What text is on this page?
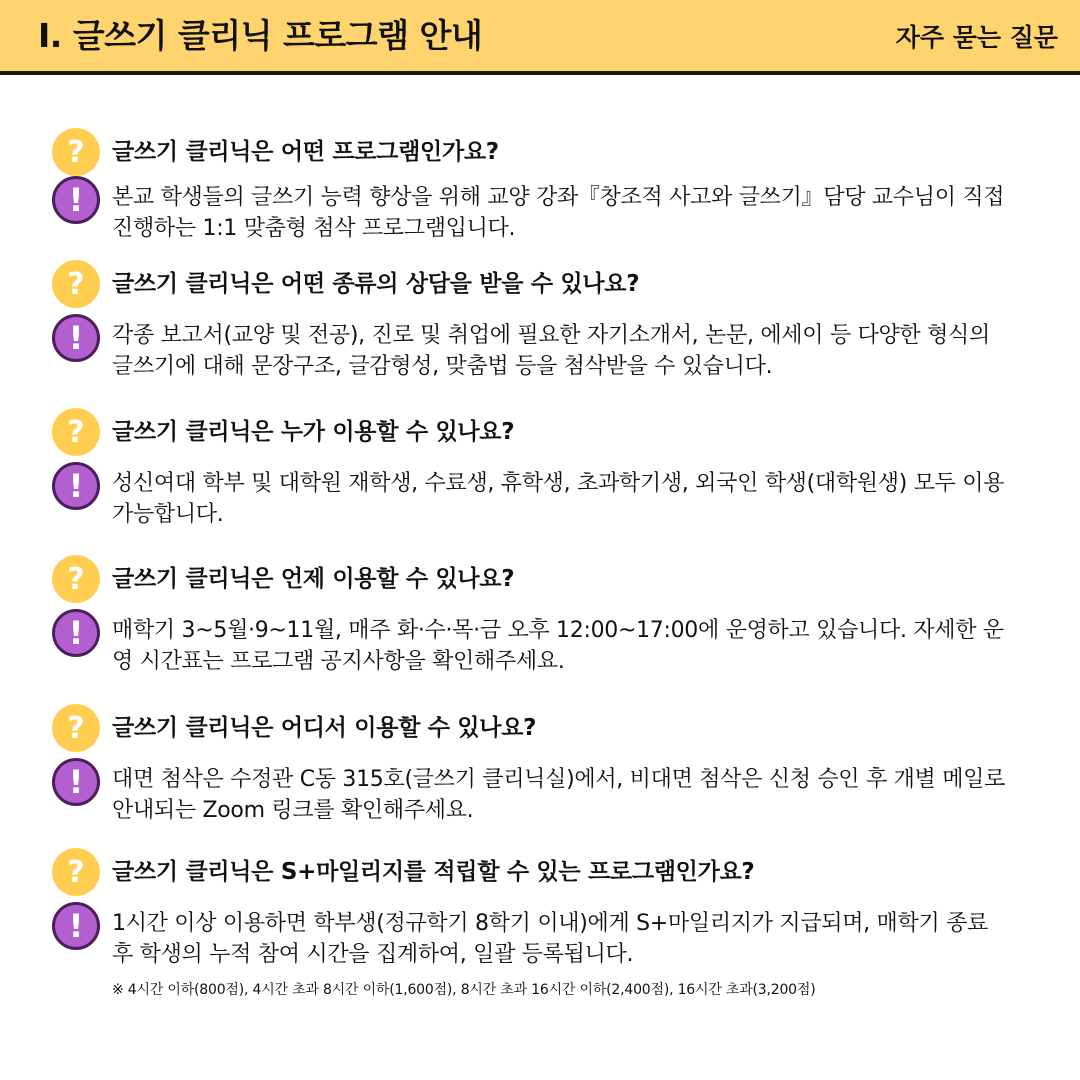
Ⅰ. 글쓰기 클리닉 프로그램 안내	자주 묻는 질문
?	글쓰기 클리닉은 어떤 프로그램인가요?
!	본교 학생들의 글쓰기 능력 향상을 위해 교양 강좌『창조적 사고와 글쓰기』담당 교수님이 직접 진행하는 1:1 맞춤형 첨삭 프로그램입니다.
?	글쓰기 클리닉은 어떤 종류의 상담을 받을 수 있나요?
!	각종 보고서(교양 및 전공), 진로 및 취업에 필요한 자기소개서, 논문, 에세이 등 다양한 형식의 글쓰기에 대해 문장구조, 글감형성, 맞춤법 등을 첨삭받을 수 있습니다.
?	글쓰기 클리닉은 누가 이용할 수 있나요?
!	성신여대 학부 및 대학원 재학생, 수료생, 휴학생, 초과학기생, 외국인 학생(대학원생) 모두 이용 가능합니다.
?	글쓰기 클리닉은 언제 이용할 수 있나요?
!	매학기 3~5월·9~11월, 매주 화·수·목·금 오후 12:00~17:00에 운영하고 있습니다. 자세한 운영 시간표는 프로그램 공지사항을 확인해주세요.
?	글쓰기 클리닉은 어디서 이용할 수 있나요?
!	대면 첨삭은 수정관 C동 315호(글쓰기 클리닉실)에서, 비대면 첨삭은 신청 승인 후 개별 메일로 안내되는 Zoom 링크를 확인해주세요.
?	글쓰기 클리닉은 S+마일리지를 적립할 수 있는 프로그램인가요?
!	1시간 이상 이용하면 학부생(정규학기 8학기 이내)에게 S+마일리지가 지급되며, 매학기 종료 후 학생의 누적 참여 시간을 집계하여, 일괄 등록됩니다.
※ 4시간 이하(800점), 4시간 초과 8시간 이하(1,600점), 8시간 초과 16시간 이하(2,400점), 16시간 초과(3,200점)
